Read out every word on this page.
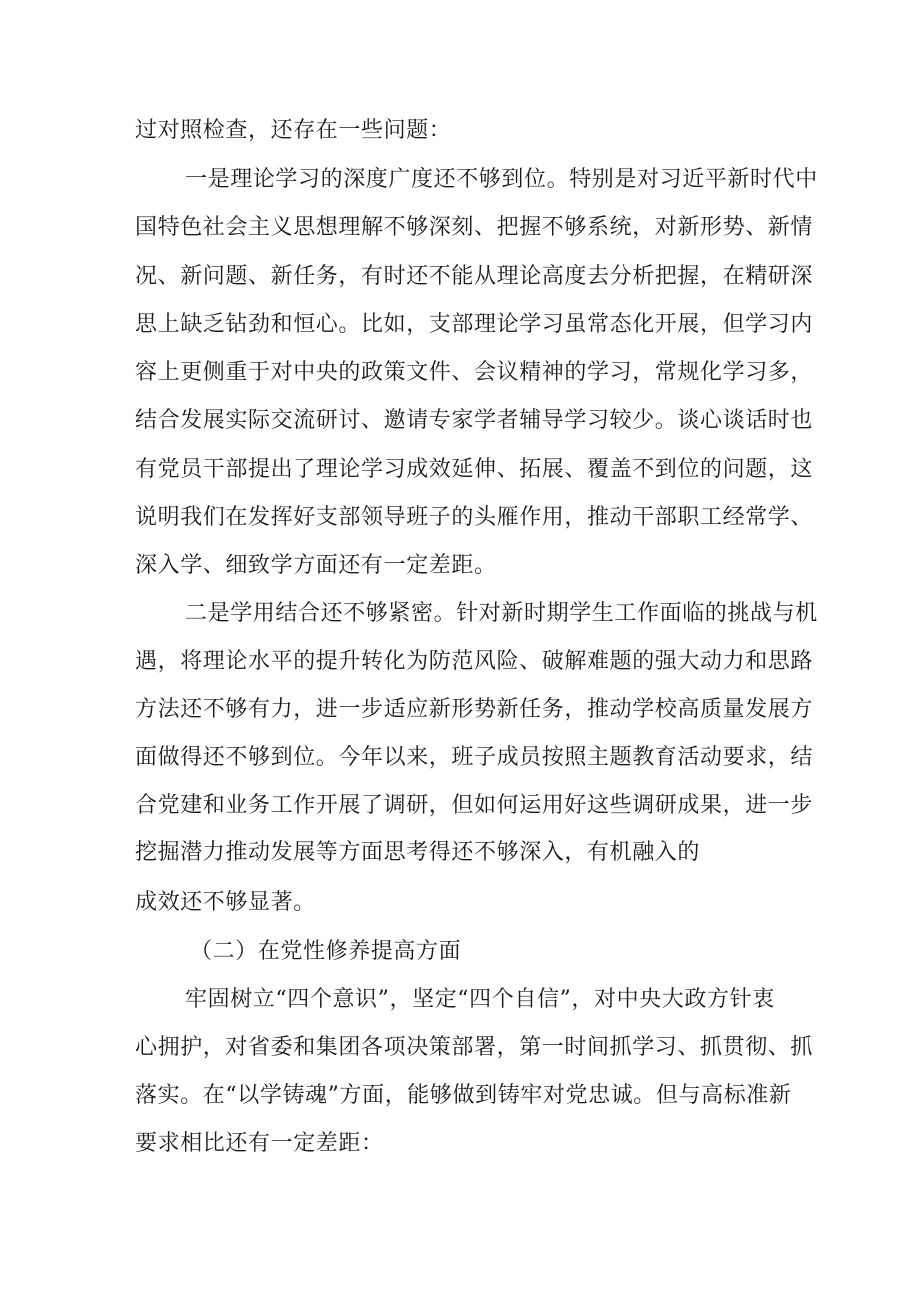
过对照检查，还存在一些问题：

一是理论学习的深度广度还不够到位。特别是对习近平新时代中

国特色社会主义思想理解不够深刻、把握不够系统，对新形势、新情

况、新问题、新任务，有时还不能从理论高度去分析把握，在精研深

思上缺乏钻劲和恒心。比如，支部理论学习虽常态化开展，但学习内

容上更侧重于对中央的政策文件、会议精神的学习，常规化学习多，

结合发展实际交流研讨、邀请专家学者辅导学习较少。谈心谈话时也

有党员干部提出了理论学习成效延伸、拓展、覆盖不到位的问题，这

说明我们在发挥好支部领导班子的头雁作用，推动干部职工经常学、

深入学、细致学方面还有一定差距。

二是学用结合还不够紧密。针对新时期学生工作面临的挑战与机

遇，将理论水平的提升转化为防范风险、破解难题的强大动力和思路

方法还不够有力，进一步适应新形势新任务，推动学校高质量发展方

面做得还不够到位。今年以来，班子成员按照主题教育活动要求，结

合党建和业务工作开展了调研，但如何运用好这些调研成果，进一步

挖掘潜力推动发展等方面思考得还不够深入，有机融入的

成效还不够显著。

（二）在党性修养提高方面

牢固树立“四个意识”，坚定“四个自信”，对中央大政方针衷

心拥护，对省委和集团各项决策部署，第一时间抓学习、抓贯彻、抓

落实。在“以学铸魂”方面，能够做到铸牢对党忠诚。但与高标准新

要求相比还有一定差距：
